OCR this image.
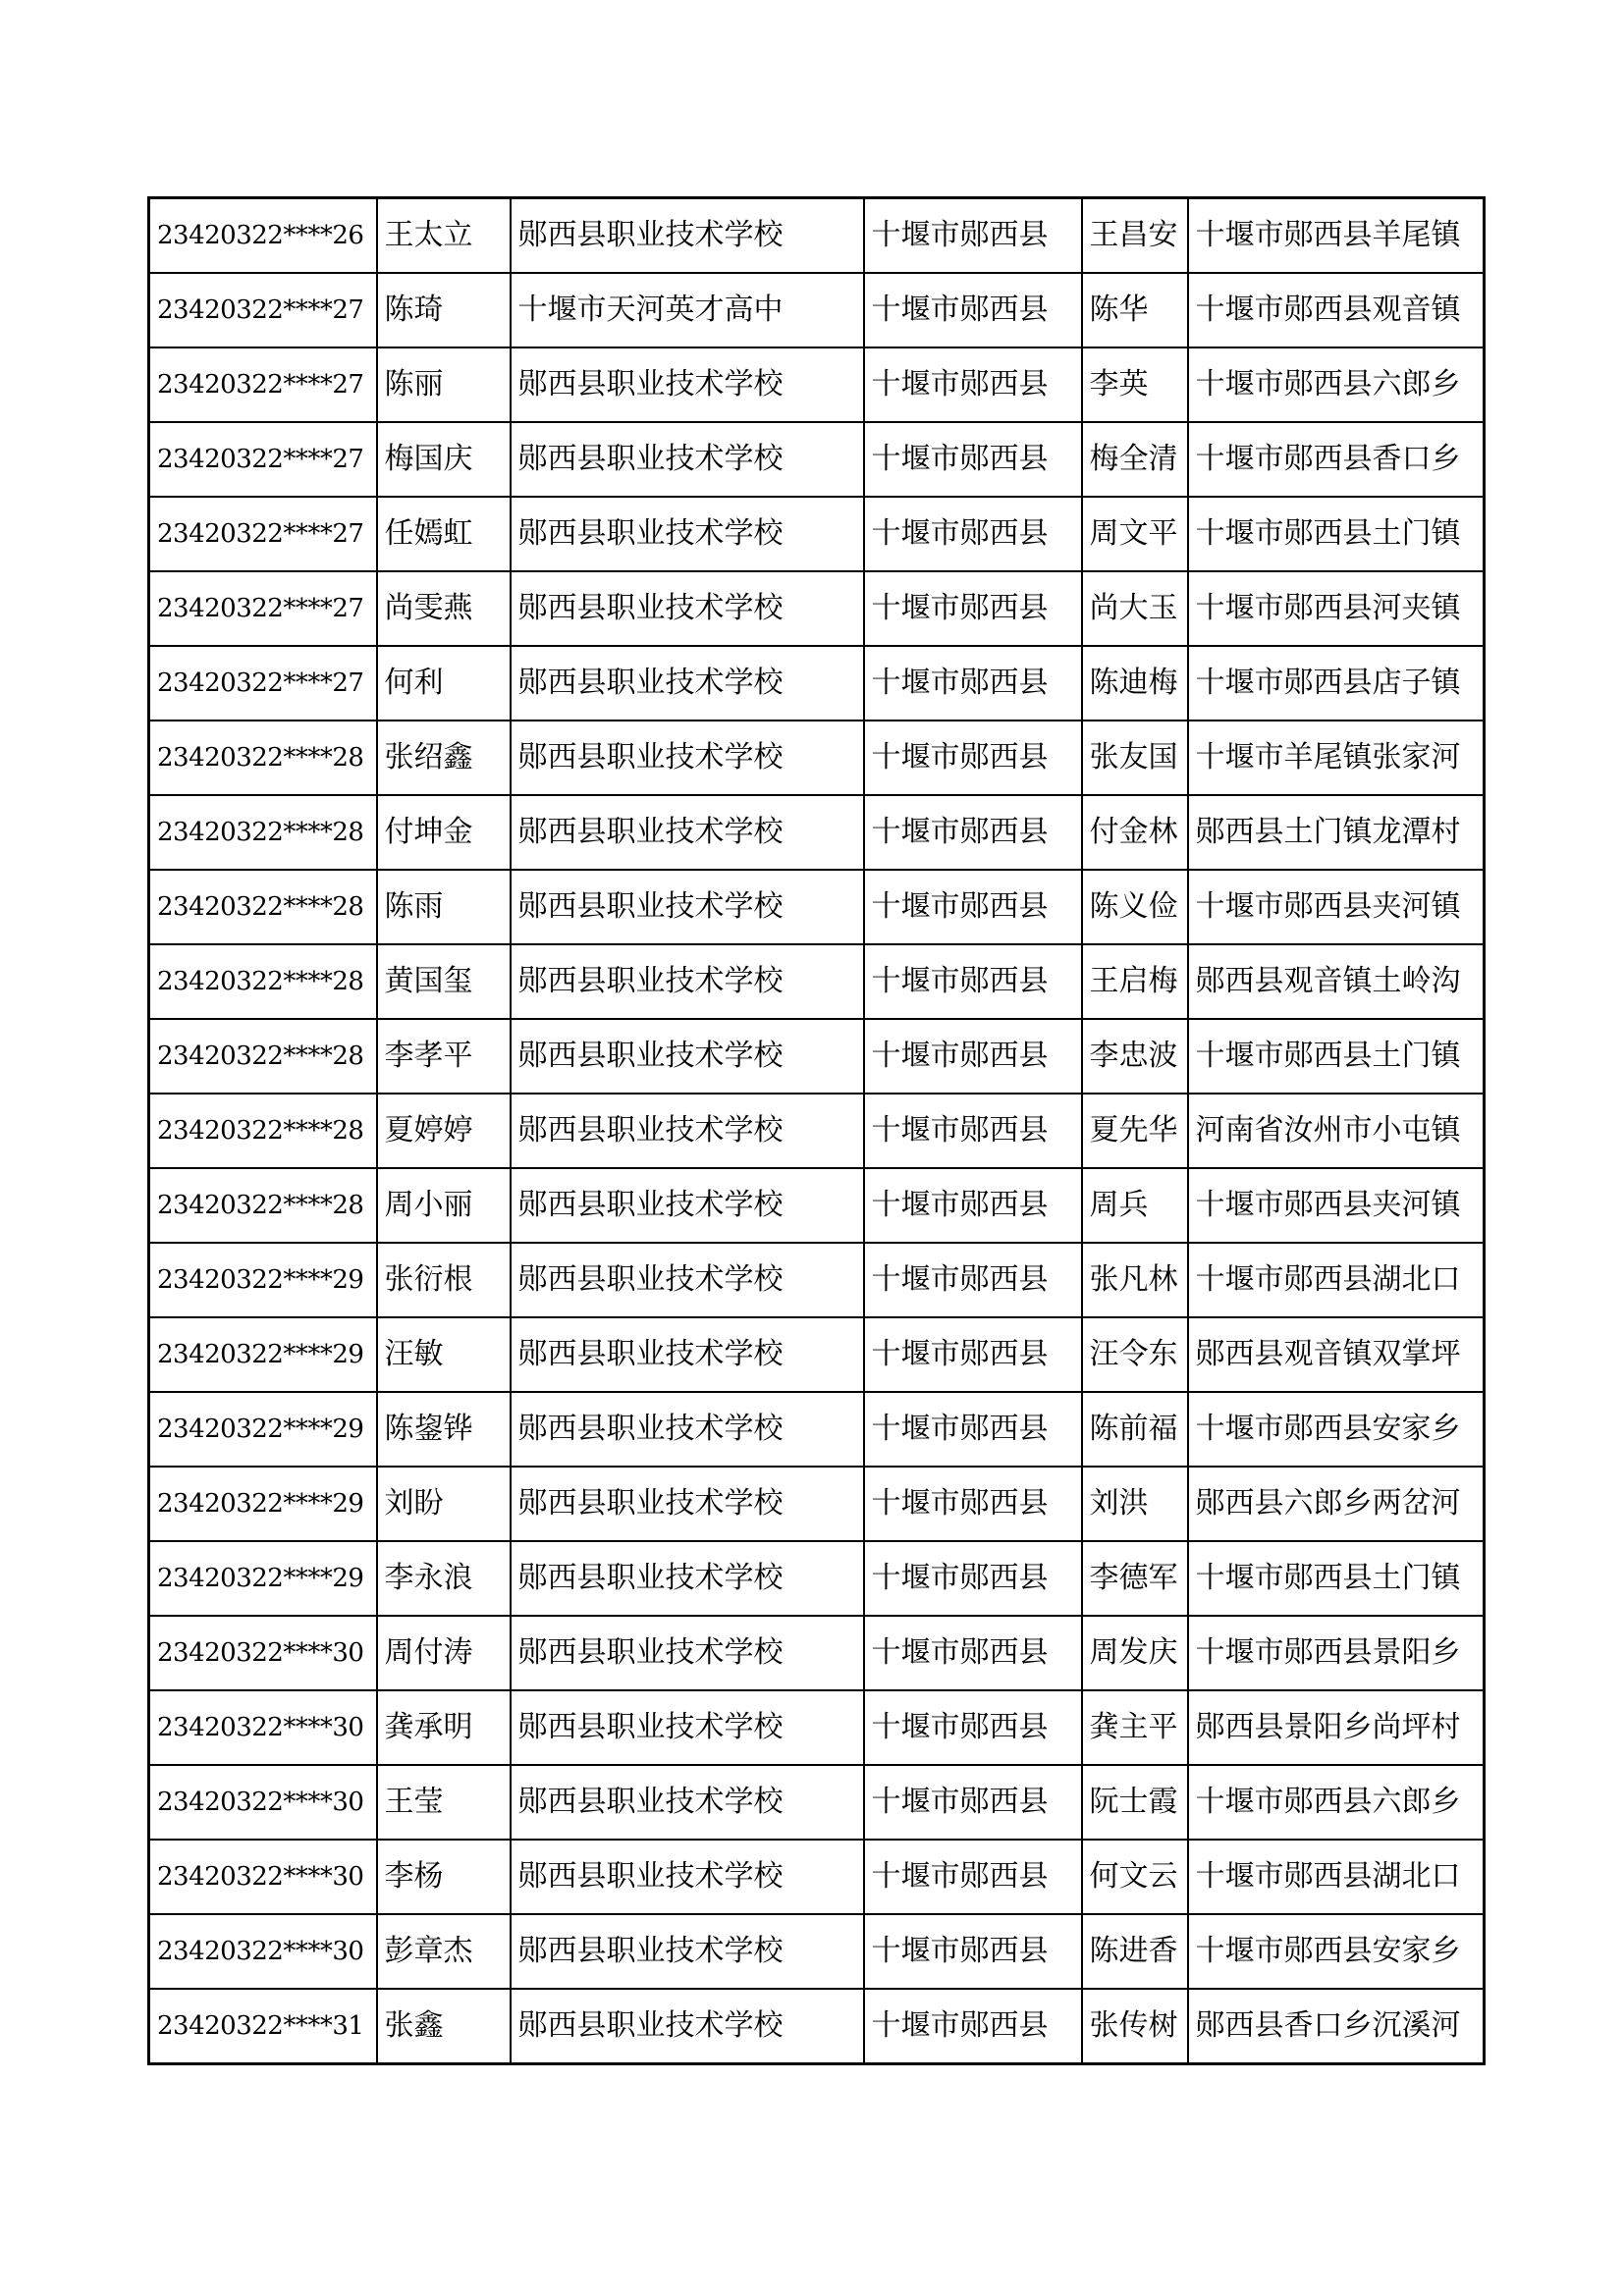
23420322****26	王太立	郧西县职业技术学校	十堰市郧西县	王昌安	十堰市郧西县羊尾镇
23420322****27	陈琦	十堰市天河英才高中	十堰市郧西县	陈华	十堰市郧西县观音镇
23420322****27	陈丽	郧西县职业技术学校	十堰市郧西县	李英	十堰市郧西县六郎乡
23420322****27	梅国庆	郧西县职业技术学校	十堰市郧西县	梅全清	十堰市郧西县香口乡
23420322****27	任嫣虹	郧西县职业技术学校	十堰市郧西县	周文平	十堰市郧西县土门镇
23420322****27	尚雯燕	郧西县职业技术学校	十堰市郧西县	尚大玉	十堰市郧西县河夹镇
23420322****27	何利	郧西县职业技术学校	十堰市郧西县	陈迪梅	十堰市郧西县店子镇
23420322****28	张绍鑫	郧西县职业技术学校	十堰市郧西县	张友国	十堰市羊尾镇张家河
23420322****28	付坤金	郧西县职业技术学校	十堰市郧西县	付金林	郧西县土门镇龙潭村
23420322****28	陈雨	郧西县职业技术学校	十堰市郧西县	陈义俭	十堰市郧西县夹河镇
23420322****28	黄国玺	郧西县职业技术学校	十堰市郧西县	王启梅	郧西县观音镇土岭沟
23420322****28	李孝平	郧西县职业技术学校	十堰市郧西县	李忠波	十堰市郧西县土门镇
23420322****28	夏婷婷	郧西县职业技术学校	十堰市郧西县	夏先华	河南省汝州市小屯镇
23420322****28	周小丽	郧西县职业技术学校	十堰市郧西县	周兵	十堰市郧西县夹河镇
23420322****29	张衍根	郧西县职业技术学校	十堰市郧西县	张凡林	十堰市郧西县湖北口
23420322****29	汪敏	郧西县职业技术学校	十堰市郧西县	汪令东	郧西县观音镇双掌坪
23420322****29	陈鋆铧	郧西县职业技术学校	十堰市郧西县	陈前福	十堰市郧西县安家乡
23420322****29	刘盼	郧西县职业技术学校	十堰市郧西县	刘洪	郧西县六郎乡两岔河
23420322****29	李永浪	郧西县职业技术学校	十堰市郧西县	李德军	十堰市郧西县土门镇
23420322****30	周付涛	郧西县职业技术学校	十堰市郧西县	周发庆	十堰市郧西县景阳乡
23420322****30	龚承明	郧西县职业技术学校	十堰市郧西县	龚主平	郧西县景阳乡尚坪村
23420322****30	王莹	郧西县职业技术学校	十堰市郧西县	阮士霞	十堰市郧西县六郎乡
23420322****30	李杨	郧西县职业技术学校	十堰市郧西县	何文云	十堰市郧西县湖北口
23420322****30	彭章杰	郧西县职业技术学校	十堰市郧西县	陈进香	十堰市郧西县安家乡
23420322****31	张鑫	郧西县职业技术学校	十堰市郧西县	张传树	郧西县香口乡沉溪河
